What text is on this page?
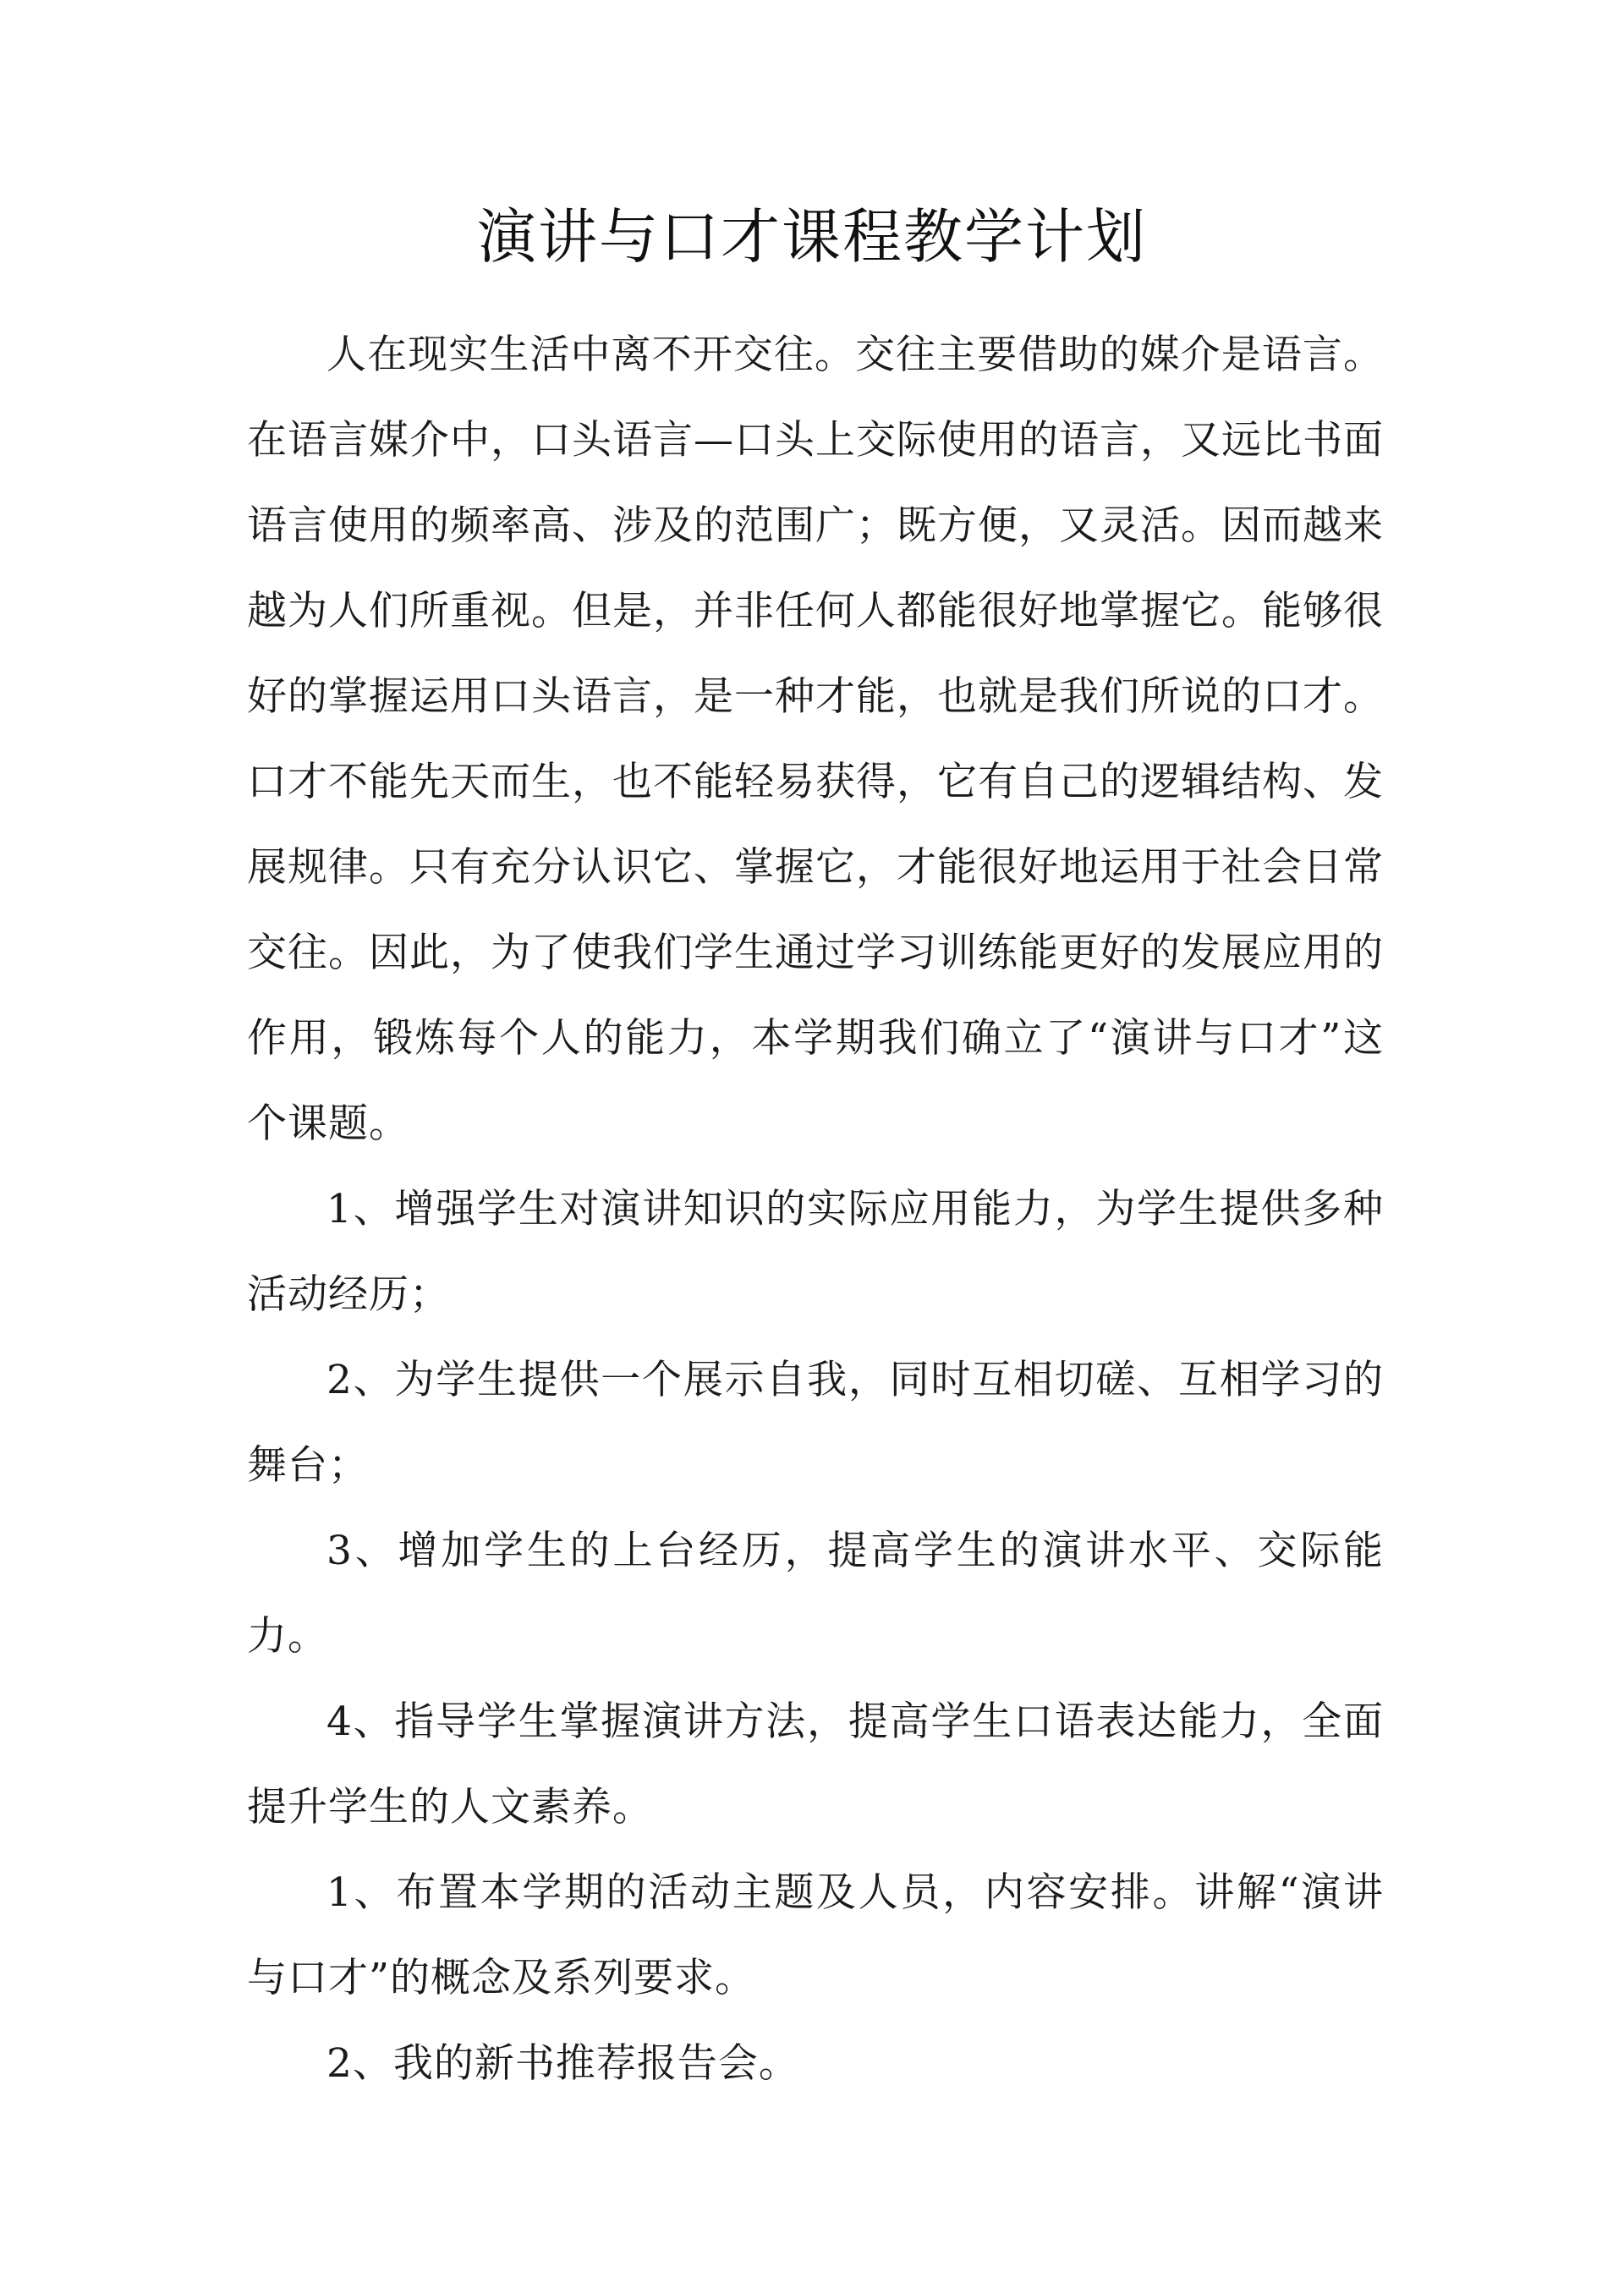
演讲与口才课程教学计划

人在现实生活中离不开交往。交往主要借助的媒介是语言。在语言媒介中，口头语言—口头上交际使用的语言，又远比书面语言使用的频率高、涉及的范围广；既方便，又灵活。因而越来越为人们所重视。但是，并非任何人都能很好地掌握它。能够很好的掌握运用口头语言，是一种才能，也就是我们所说的口才。口才不能先天而生，也不能轻易获得，它有自己的逻辑结构、发展规律。只有充分认识它、掌握它，才能很好地运用于社会日常交往。因此，为了使我们学生通过学习训练能更好的发展应用的作用，锻炼每个人的能力，本学期我们确立了“演讲与口才”这个课题。

1、增强学生对演讲知识的实际应用能力，为学生提供多种活动经历；

2、为学生提供一个展示自我，同时互相切磋、互相学习的舞台；

3、增加学生的上台经历，提高学生的演讲水平、交际能力。

4、指导学生掌握演讲方法，提高学生口语表达能力，全面提升学生的人文素养。

1、布置本学期的活动主题及人员，内容安排。讲解“演讲与口才”的概念及系列要求。

2、我的新书推荐报告会。
